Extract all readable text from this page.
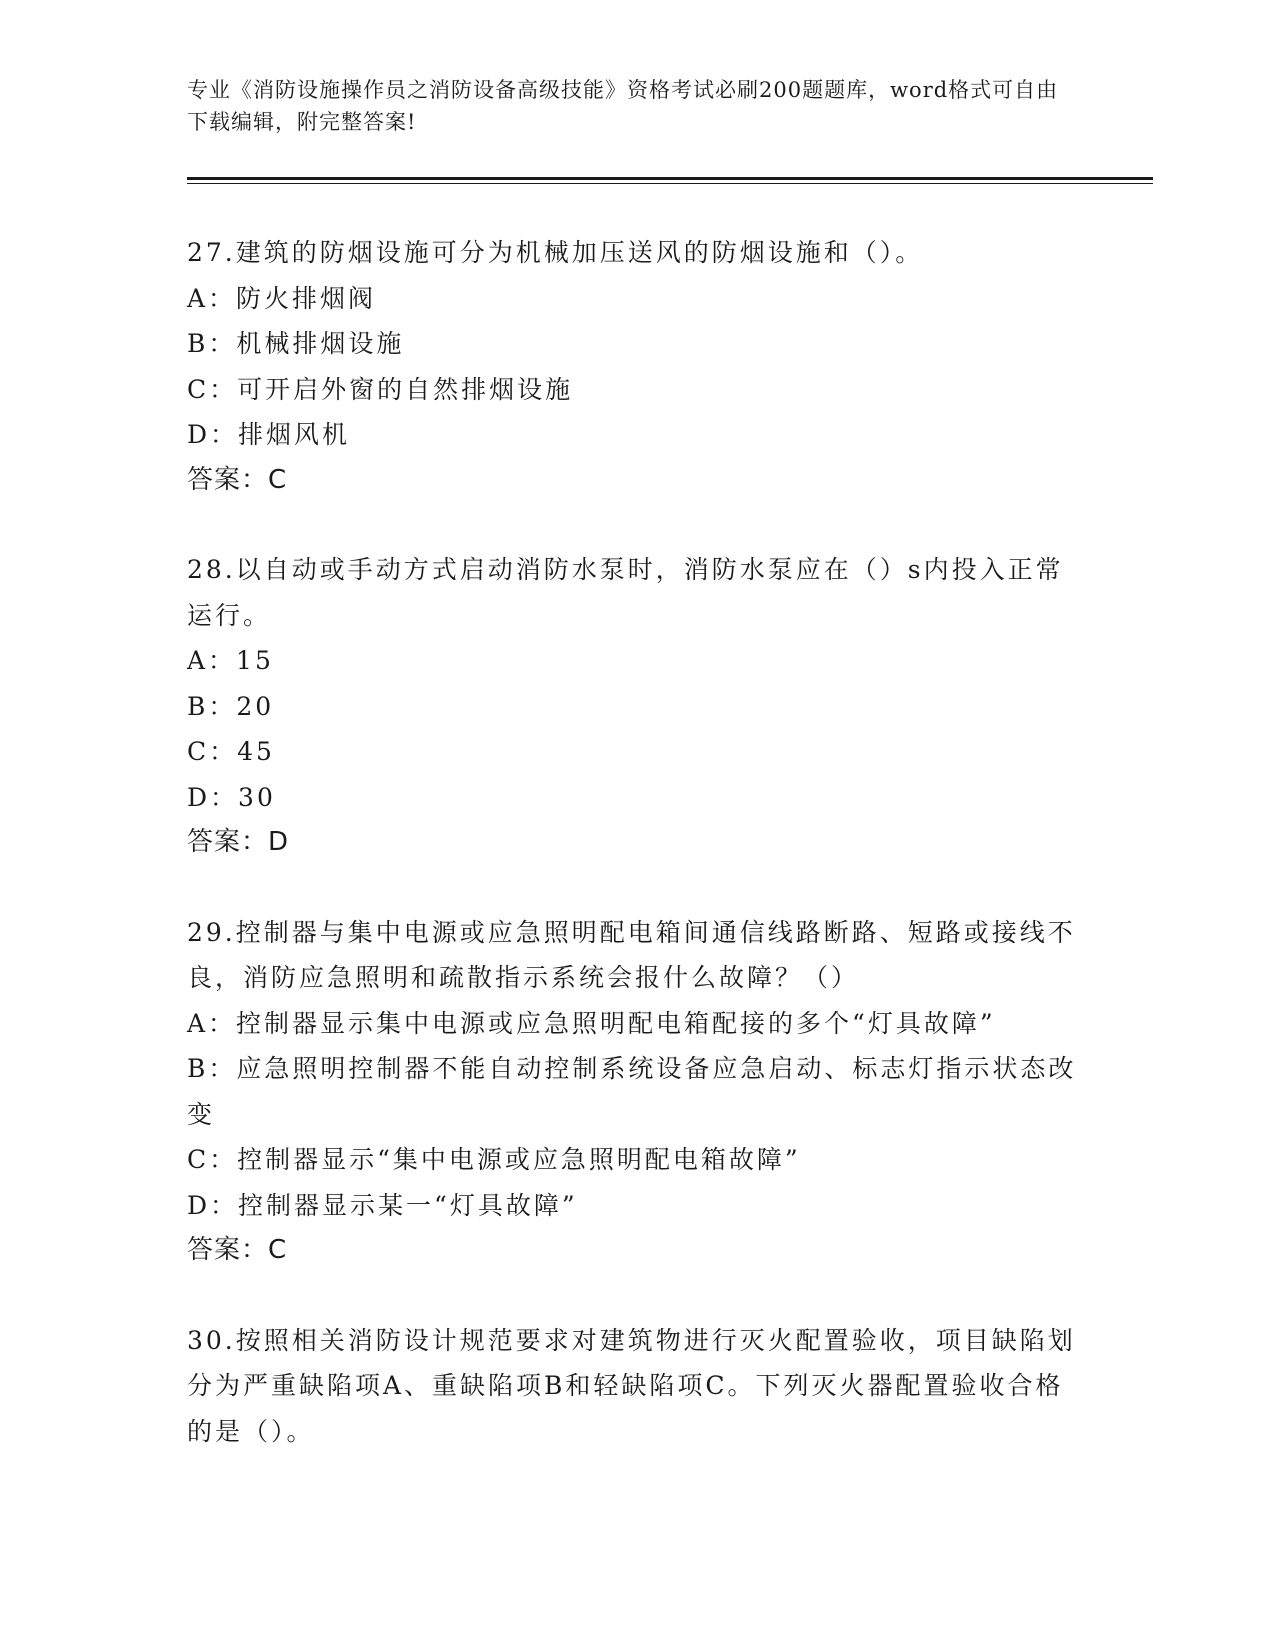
专业《消防设施操作员之消防设备高级技能》资格考试必刷200题题库，word格式可自由下载编辑，附完整答案!

27.建筑的防烟设施可分为机械加压送风的防烟设施和（）。

A：防火排烟阀

B：机械排烟设施

C：可开启外窗的自然排烟设施

D：排烟风机

答案：C

28.以自动或手动方式启动消防水泵时，消防水泵应在（）s内投入正常运行。

A：15

B：20

C：45

D：30

答案：D

29.控制器与集中电源或应急照明配电箱间通信线路断路、短路或接线不良，消防应急照明和疏散指示系统会报什么故障？（）

A：控制器显示集中电源或应急照明配电箱配接的多个“灯具故障”

B：应急照明控制器不能自动控制系统设备应急启动、标志灯指示状态改变

C：控制器显示“集中电源或应急照明配电箱故障”

D：控制器显示某一“灯具故障”

答案：C

30.按照相关消防设计规范要求对建筑物进行灭火配置验收，项目缺陷划分为严重缺陷项A、重缺陷项B和轻缺陷项C。下列灭火器配置验收合格的是（）。
